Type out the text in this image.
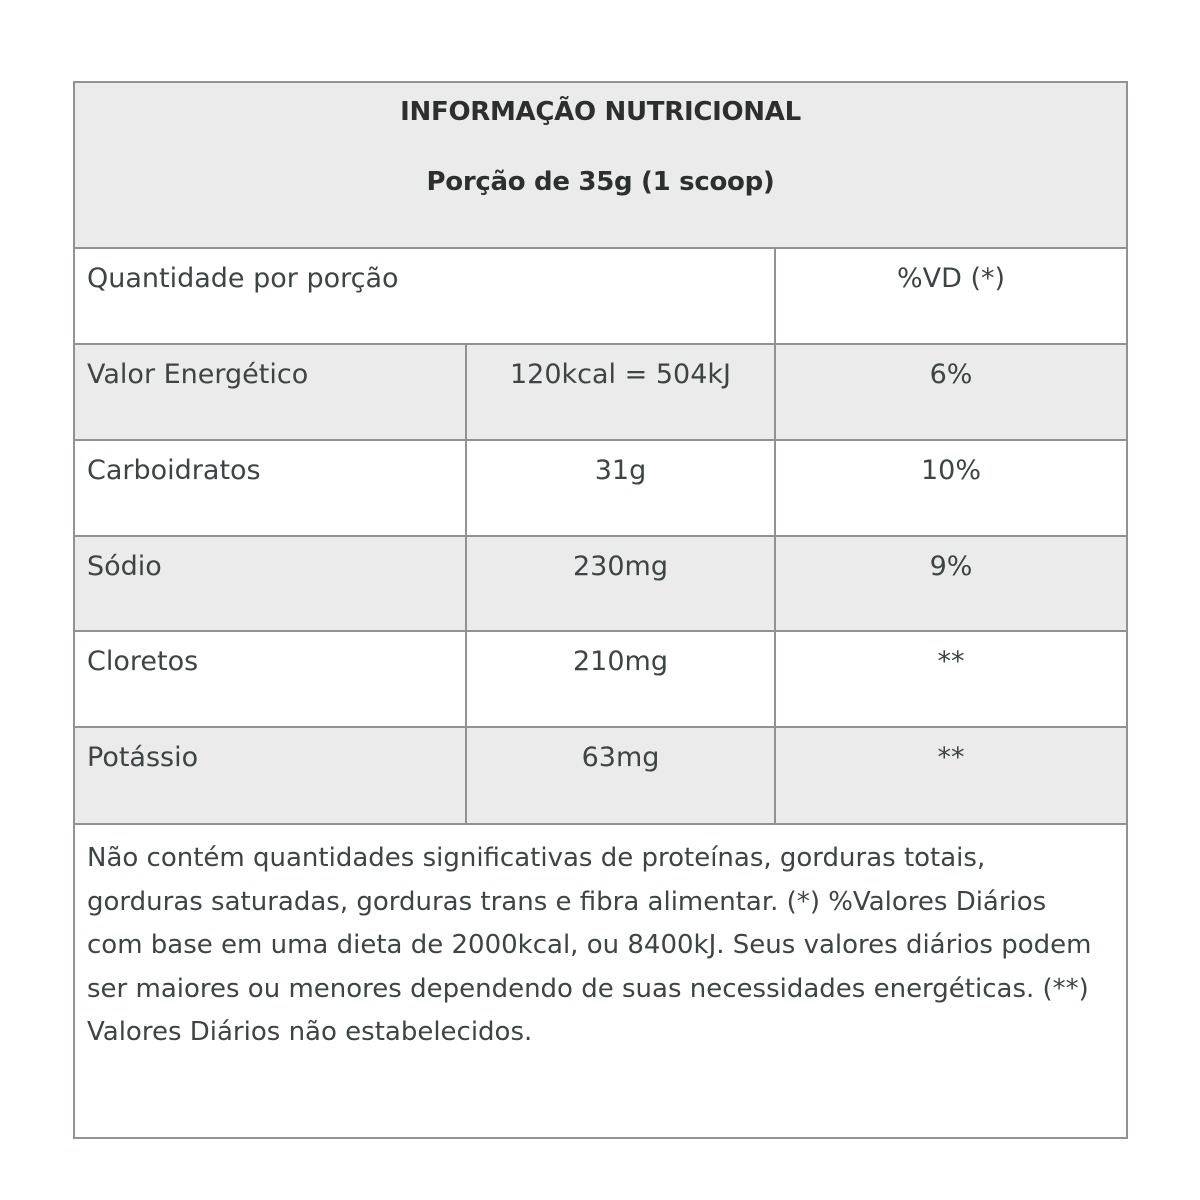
INFORMAÇÃO NUTRICIONAL
Porção de 35g (1 scoop)
Quantidade por porção	%VD (*)
Valor Energético	120kcal = 504kJ	6%
Carboidratos	31g	10%
Sódio	230mg	9%
Cloretos	210mg	**
Potássio	63mg	**
Não contém quantidades significativas de proteínas, gorduras totais, gorduras saturadas, gorduras trans e fibra alimentar. (*) %Valores Diários com base em uma dieta de 2000kcal, ou 8400kJ. Seus valores diários podem ser maiores ou menores dependendo de suas necessidades energéticas. (**) Valores Diários não estabelecidos.
